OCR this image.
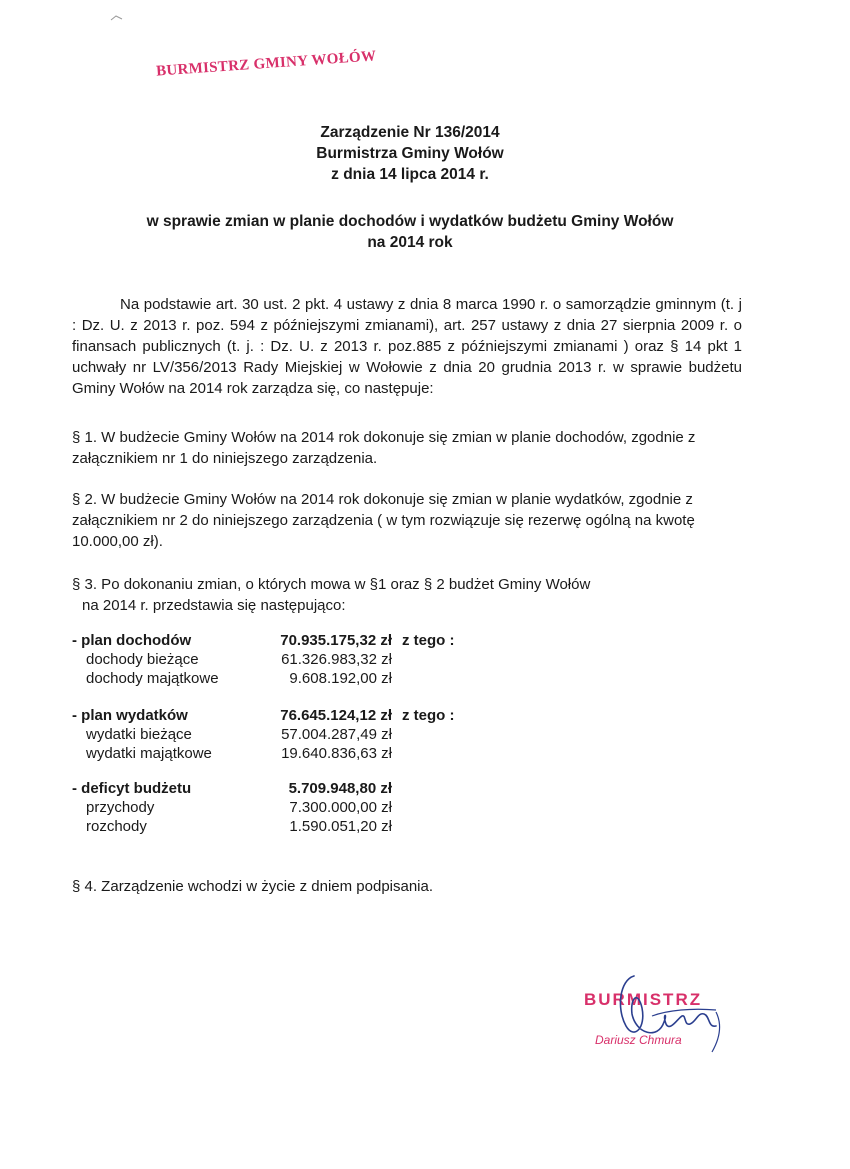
BURMISTRZ GMINY WOŁÓW
Zarządzenie Nr 136/2014
Burmistrza Gminy Wołów
z dnia 14 lipca 2014 r.
w sprawie zmian w planie dochodów i wydatków budżetu Gminy Wołów
na 2014 rok
Na podstawie art. 30 ust. 2 pkt. 4 ustawy z dnia 8 marca 1990 r. o samorządzie gminnym (t. j : Dz. U. z 2013 r. poz. 594 z późniejszymi zmianami), art. 257 ustawy z dnia 27 sierpnia 2009 r. o finansach publicznych (t. j. : Dz. U. z 2013 r. poz.885 z późniejszymi zmianami ) oraz § 14 pkt 1 uchwały nr LV/356/2013 Rady Miejskiej w Wołowie z dnia 20 grudnia 2013 r. w sprawie budżetu Gminy Wołów na 2014 rok zarządza się, co następuje:
§ 1. W budżecie Gminy Wołów na 2014 rok dokonuje się zmian w planie dochodów, zgodnie z załącznikiem nr 1 do niniejszego zarządzenia.
§ 2. W budżecie Gminy Wołów na 2014 rok dokonuje się zmian w planie wydatków, zgodnie z załącznikiem nr 2 do niniejszego zarządzenia ( w tym rozwiązuje się rezerwę ogólną na kwotę 10.000,00 zł).
§ 3. Po dokonaniu zmian, o których mowa w §1 oraz § 2 budżet Gminy Wołów
na 2014 r. przedstawia się następująco:
- plan dochodów	70.935.175,32 zł z tego :
dochody bieżące	61.326.983,32 zł
dochody majątkowe	9.608.192,00 zł
- plan wydatków	76.645.124,12 zł z tego :
wydatki bieżące	57.004.287,49 zł
wydatki majątkowe	19.640.836,63 zł
- deficyt budżetu	5.709.948,80 zł
przychody	7.300.000,00 zł
rozchody	1.590.051,20 zł
§ 4. Zarządzenie wchodzi w życie z dniem podpisania.
BURMISTRZ
Dariusz Chmura
